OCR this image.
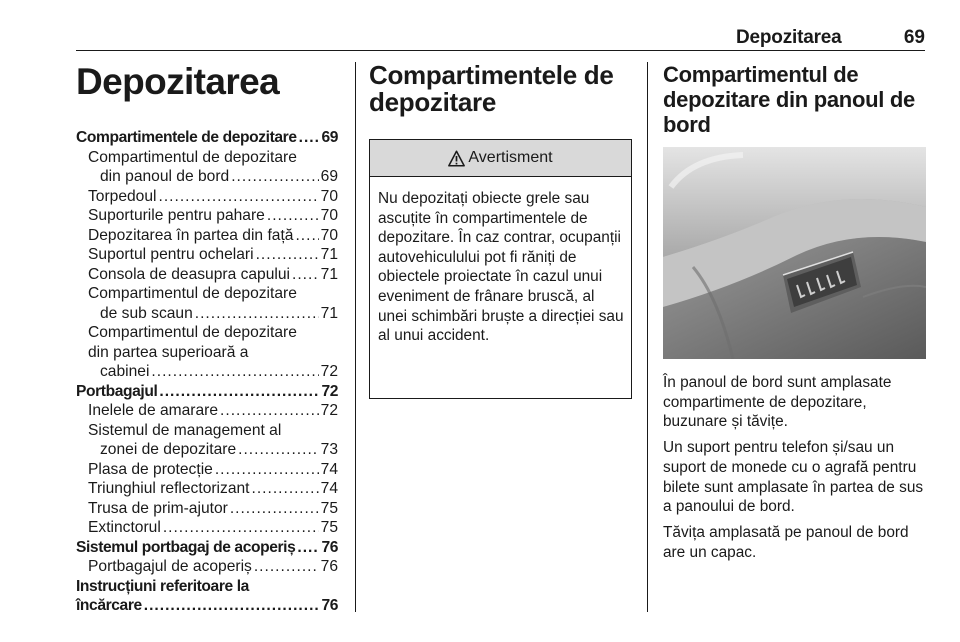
Depozitarea	69
Depozitarea
Compartimentele de depozitare ..... 69
Compartimentul de depozitare
din panoul de bord .....	69
Torpedoul .....	70
Suporturile pentru pahare .....	70
Depozitarea în partea din față ..... 70
Suportul pentru ochelari .....	71
Consola de deasupra capului ..... 71
Compartimentul de depozitare
de sub scaun .....	71
Compartimentul de depozitare
din partea superioară a
cabinei .....	72
Portbagajul .....	72
Inelele de amarare .....	72
Sistemul de management al
zonei de depozitare .....	73
Plasa de protecție .....	74
Triunghiul reflectorizant .....	74
Trusa de prim-ajutor .....	75
Extinctorul .....	75
Sistemul portbagaj de acoperiș ..... 76
Portbagajul de acoperiș .....	76
Instrucțiuni referitoare la
încărcare .....	76
Compartimentele de depozitare
Avertisment
Nu depozitați obiecte grele sau ascuțite în compartimentele de depozitare. În caz contrar, ocupanții autovehiculului pot fi răniți de obiectele proiectate în cazul unui eveniment de frânare bruscă, al unei schimbări bruște a direcției sau al unui accident.
Compartimentul de depozitare din panoul de bord

În panoul de bord sunt amplasate compartimente de depozitare, buzunare și tăvițe.

Un suport pentru telefon și/sau un suport de monede cu o agrafă pentru bilete sunt amplasate în partea de sus a panoului de bord.

Tăvița amplasată pe panoul de bord are un capac.
